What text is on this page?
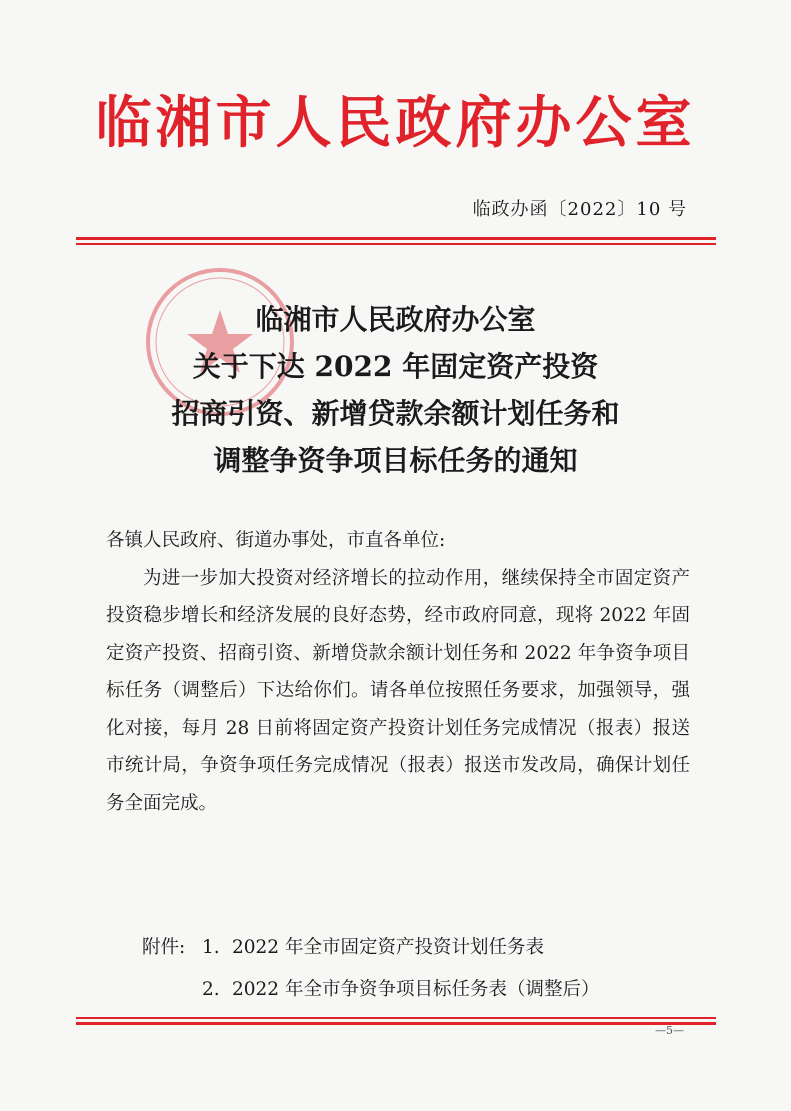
临湘市人民政府办公室
临政办函〔2022〕10 号
临湘市人民政府办公室
关于下达 2022 年固定资产投资
招商引资、新增贷款余额计划任务和
调整争资争项目标任务的通知

各镇人民政府、街道办事处，市直各单位:

为进一步加大投资对经济增长的拉动作用，继续保持全市固定资产投资稳步增长和经济发展的良好态势，经市政府同意，现将 2022 年固定资产投资、招商引资、新增贷款余额计划任务和 2022 年争资争项目标任务（调整后）下达给你们。请各单位按照任务要求，加强领导，强化对接，每月 28 日前将固定资产投资计划任务完成情况（报表）报送市统计局，争资争项任务完成情况（报表）报送市发改局，确保计划任务全面完成。

附件: 1. 2022 年全市固定资产投资计划任务表
2. 2022 年全市争资争项目标任务表（调整后）
—5—
